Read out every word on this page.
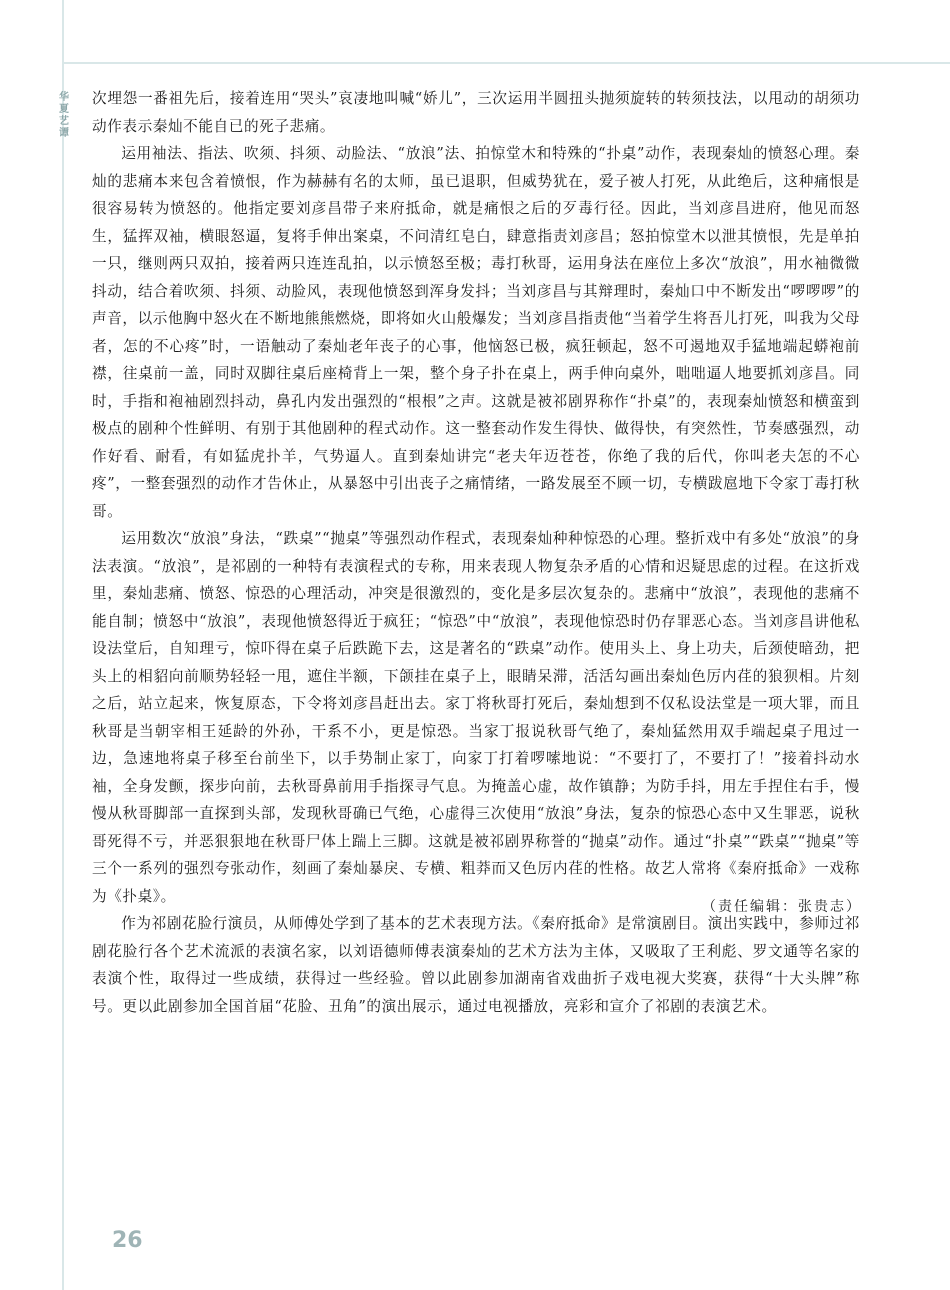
华
夏
艺
谭

次埋怨一番祖先后，接着连用“哭头”哀凄地叫喊“娇儿”，三次运用半圆扭头抛须旋转的转须技法，以甩动的胡须功动作表示秦灿不能自已的死子悲痛。

运用袖法、指法、吹须、抖须、动脸法、“放浪”法、拍惊堂木和特殊的“扑桌”动作，表现秦灿的愤怒心理。秦灿的悲痛本来包含着愤恨，作为赫赫有名的太师，虽已退职，但威势犹在，爱子被人打死，从此绝后，这种痛恨是很容易转为愤怒的。他指定要刘彦昌带子来府抵命，就是痛恨之后的歹毒行径。因此，当刘彦昌进府，他见而怒生，猛挥双袖，横眼怒逼，复将手伸出案桌，不问清红皂白，肆意指责刘彦昌；怒拍惊堂木以泄其愤恨，先是单拍一只，继则两只双拍，接着两只连连乱拍，以示愤怒至极；毒打秋哥，运用身法在座位上多次“放浪”，用水袖微微抖动，结合着吹须、抖须、动脸风，表现他愤怒到浑身发抖；当刘彦昌与其辩理时，秦灿口中不断发出“啰啰啰”的声音，以示他胸中怒火在不断地熊熊燃烧，即将如火山般爆发；当刘彦昌指责他“当着学生将吾儿打死，叫我为父母者，怎的不心疼”时，一语触动了秦灿老年丧子的心事，他恼怒已极，疯狂顿起，怒不可遏地双手猛地端起蟒袍前襟，往桌前一盖，同时双脚往桌后座椅背上一架，整个身子扑在桌上，两手伸向桌外，咄咄逼人地要抓刘彦昌。同时，手指和袍袖剧烈抖动，鼻孔内发出强烈的“根根”之声。这就是被祁剧界称作“扑桌”的，表现秦灿愤怒和横蛮到极点的剧种个性鲜明、有别于其他剧种的程式动作。这一整套动作发生得快、做得快，有突然性，节奏感强烈，动作好看、耐看，有如猛虎扑羊，气势逼人。直到秦灿讲完“老夫年迈苍苍，你绝了我的后代，你叫老夫怎的不心疼”，一整套强烈的动作才告休止，从暴怒中引出丧子之痛情绪，一路发展至不顾一切，专横跋扈地下令家丁毒打秋哥。

运用数次“放浪”身法，“跌桌”“抛桌”等强烈动作程式，表现秦灿种种惊恐的心理。整折戏中有多处“放浪”的身法表演。“放浪”，是祁剧的一种特有表演程式的专称，用来表现人物复杂矛盾的心情和迟疑思虑的过程。在这折戏里，秦灿悲痛、愤怒、惊恐的心理活动，冲突是很激烈的，变化是多层次复杂的。悲痛中“放浪”，表现他的悲痛不能自制；愤怒中“放浪”，表现他愤怒得近于疯狂；“惊恐”中“放浪”，表现他惊恐时仍存罪恶心态。当刘彦昌讲他私设法堂后，自知理亏，惊吓得在桌子后跌跪下去，这是著名的“跌桌”动作。使用头上、身上功夫，后颈使暗劲，把头上的相貂向前顺势轻轻一甩，遮住半额，下颌挂在桌子上，眼睛呆滞，活活勾画出秦灿色厉内荏的狼狈相。片刻之后，站立起来，恢复原态，下令将刘彦昌赶出去。家丁将秋哥打死后，秦灿想到不仅私设法堂是一项大罪，而且秋哥是当朝宰相王延龄的外孙，干系不小，更是惊恐。当家丁报说秋哥气绝了，秦灿猛然用双手端起桌子甩过一边，急速地将桌子移至台前坐下，以手势制止家丁，向家丁打着啰嗦地说：“不要打了，不要打了！”接着抖动水袖，全身发颤，探步向前，去秋哥鼻前用手指探寻气息。为掩盖心虚，故作镇静；为防手抖，用左手捏住右手，慢慢从秋哥脚部一直探到头部，发现秋哥确已气绝，心虚得三次使用“放浪”身法，复杂的惊恐心态中又生罪恶，说秋哥死得不亏，并恶狠狠地在秋哥尸体上踹上三脚。这就是被祁剧界称誉的“抛桌”动作。通过“扑桌”“跌桌”“抛桌”等三个一系列的强烈夸张动作，刻画了秦灿暴戾、专横、粗莽而又色厉内荏的性格。故艺人常将《秦府抵命》一戏称为《扑桌》。

作为祁剧花脸行演员，从师傅处学到了基本的艺术表现方法。《秦府抵命》是常演剧目。演出实践中，参师过祁剧花脸行各个艺术流派的表演名家，以刘语德师傅表演秦灿的艺术方法为主体，又吸取了王利彪、罗文通等名家的表演个性，取得过一些成绩，获得过一些经验。曾以此剧参加湖南省戏曲折子戏电视大奖赛，获得“十大头牌”称号。更以此剧参加全国首届“花脸、丑角”的演出展示，通过电视播放，亮彩和宣介了祁剧的表演艺术。

（责任编辑：张贵志）
26
